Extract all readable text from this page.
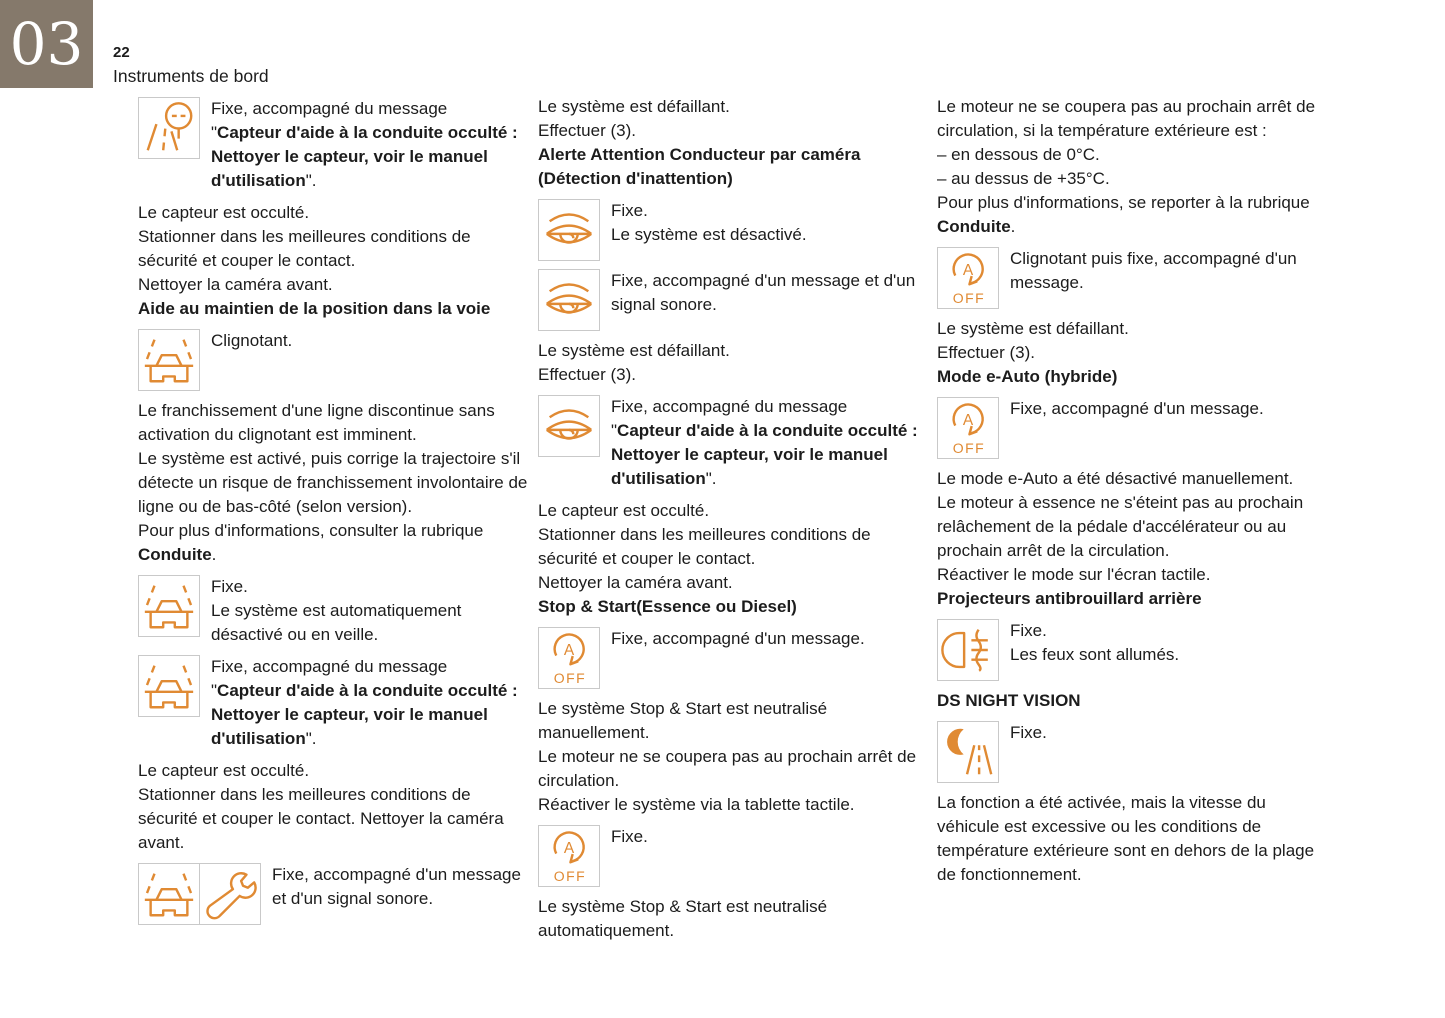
03 22
Instruments de bord
Fixe, accompagné du message
"Capteur d'aide à la conduite occulté : Nettoyer le capteur, voir le manuel d'utilisation".
Le capteur est occulté.
Stationner dans les meilleures conditions de sécurité et couper le contact.
Nettoyer la caméra avant.
Aide au maintien de la position dans la voie
Clignotant.
Le franchissement d'une ligne discontinue sans activation du clignotant est imminent.
Le système est activé, puis corrige la trajectoire s'il détecte un risque de franchissement involontaire de ligne ou de bas-côté (selon version).
Pour plus d'informations, consulter la rubrique Conduite.
Fixe.
Le système est automatiquement désactivé ou en veille.
Fixe, accompagné du message
"Capteur d'aide à la conduite occulté : Nettoyer le capteur, voir le manuel d'utilisation".
Le capteur est occulté.
Stationner dans les meilleures conditions de sécurité et couper le contact. Nettoyer la caméra avant.
Fixe, accompagné d'un message et d'un signal sonore.
Le système est défaillant.
Effectuer (3).
Alerte Attention Conducteur par caméra (Détection d'inattention)
Fixe.
Le système est désactivé.
Fixe, accompagné d'un message et d'un signal sonore.
Le système est défaillant.
Effectuer (3).
Fixe, accompagné du message
"Capteur d'aide à la conduite occulté : Nettoyer le capteur, voir le manuel d'utilisation".
Le capteur est occulté.
Stationner dans les meilleures conditions de sécurité et couper le contact.
Nettoyer la caméra avant.
Stop & Start(Essence ou Diesel)
A
OFF
Fixe, accompagné d'un message.
Le système Stop & Start est neutralisé manuellement.
Le moteur ne se coupera pas au prochain arrêt de circulation.
Réactiver le système via la tablette tactile.
A
OFF
Fixe.
Le système Stop & Start est neutralisé automatiquement.
Le moteur ne se coupera pas au prochain arrêt de circulation, si la température extérieure est :
– en dessous de 0°C.
– au dessus de +35°C.
Pour plus d'informations, se reporter à la rubrique Conduite.
A
OFF
Clignotant puis fixe, accompagné d'un message.
Le système est défaillant.
Effectuer (3).
Mode e-Auto (hybride)
A
OFF
Fixe, accompagné d'un message.
Le mode e-Auto a été désactivé manuellement.
Le moteur à essence ne s'éteint pas au prochain relâchement de la pédale d'accélérateur ou au prochain arrêt de la circulation.
Réactiver le mode sur l'écran tactile.
Projecteurs antibrouillard arrière
Fixe.
Les feux sont allumés.
DS NIGHT VISION
Fixe.
La fonction a été activée, mais la vitesse du véhicule est excessive ou les conditions de température extérieure sont en dehors de la plage de fonctionnement.
